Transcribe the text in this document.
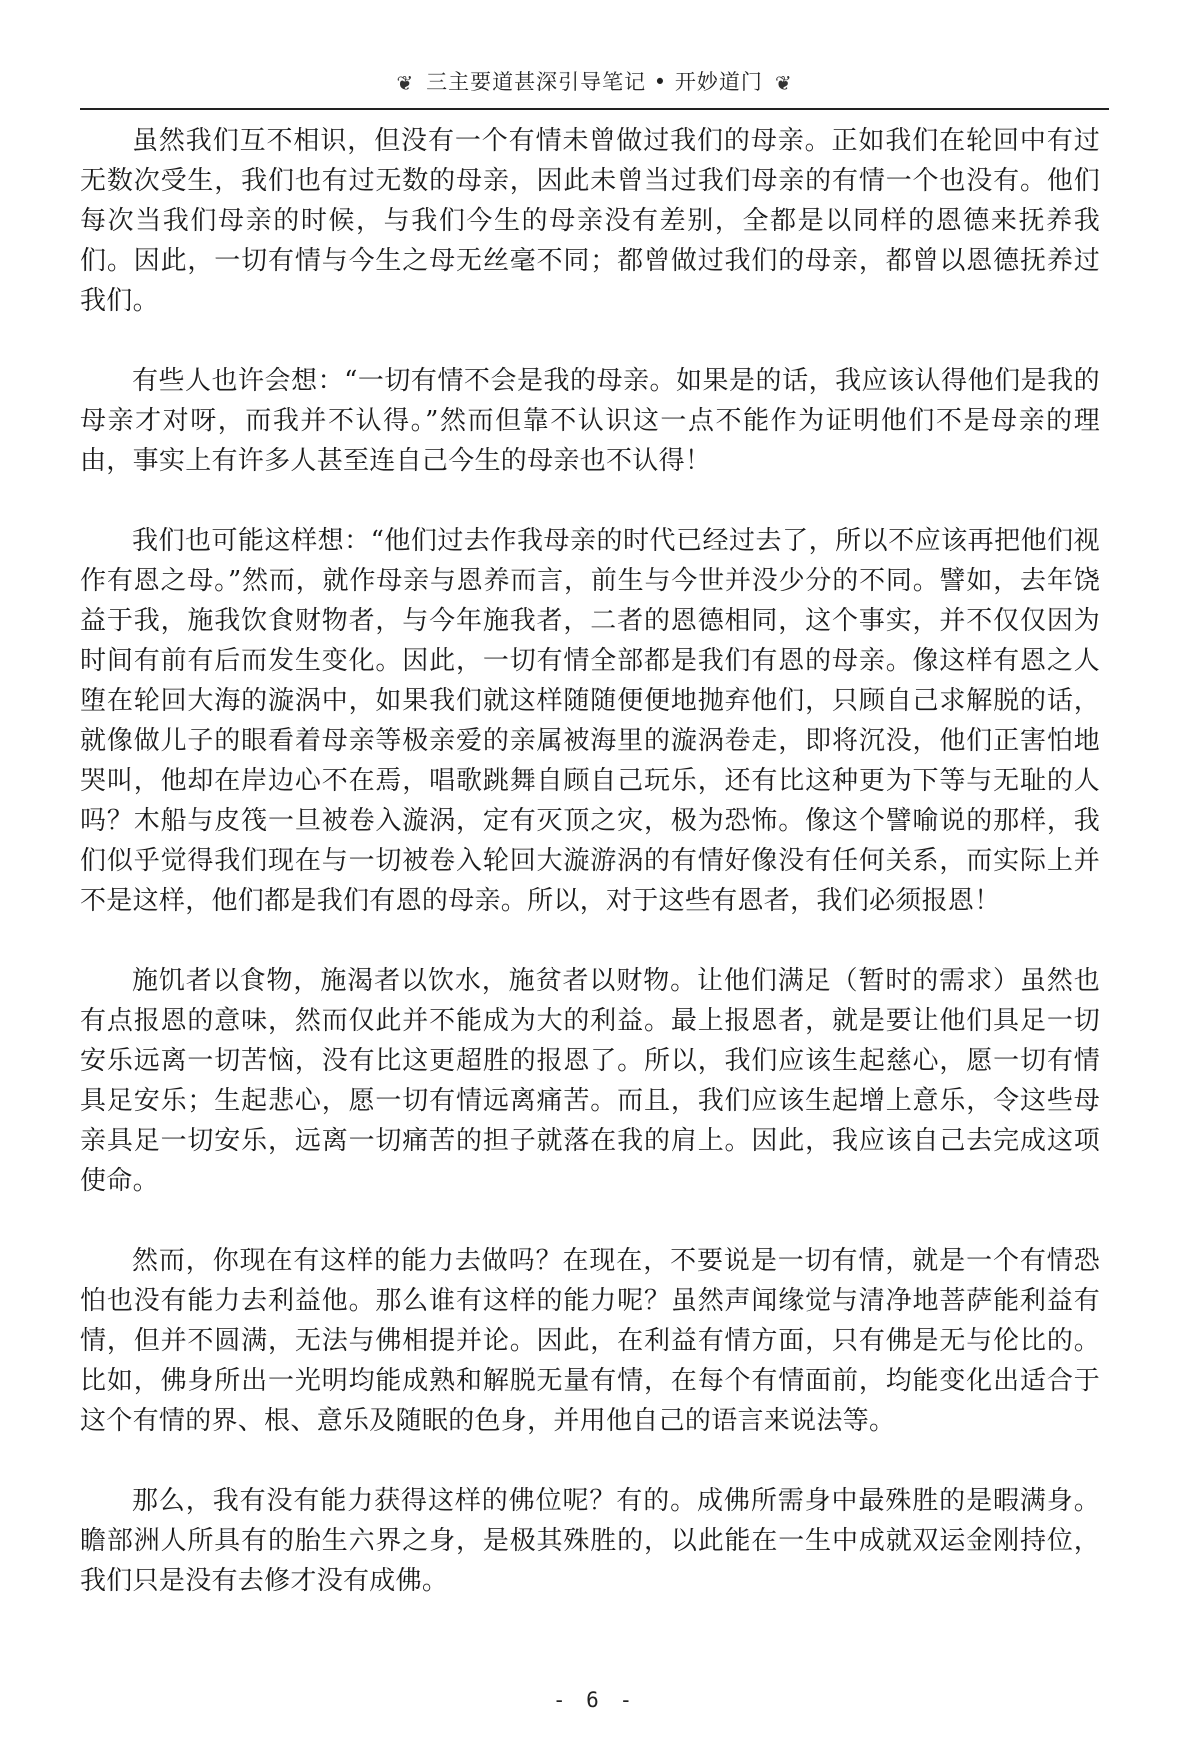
❦ 三主要道甚深引导笔记 • 开妙道门 ❦

虽然我们互不相识，但没有一个有情未曾做过我们的母亲。正如我们在轮回中有过无数次受生，我们也有过无数的母亲，因此未曾当过我们母亲的有情一个也没有。他们每次当我们母亲的时候，与我们今生的母亲没有差别，全都是以同样的恩德来抚养我们。因此，一切有情与今生之母无丝毫不同；都曾做过我们的母亲，都曾以恩德抚养过我们。

有些人也许会想：“一切有情不会是我的母亲。如果是的话，我应该认得他们是我的母亲才对呀，而我并不认得。”然而但靠不认识这一点不能作为证明他们不是母亲的理由，事实上有许多人甚至连自己今生的母亲也不认得！

我们也可能这样想：“他们过去作我母亲的时代已经过去了，所以不应该再把他们视作有恩之母。”然而，就作母亲与恩养而言，前生与今世并没少分的不同。譬如，去年饶益于我，施我饮食财物者，与今年施我者，二者的恩德相同，这个事实，并不仅仅因为时间有前有后而发生变化。因此，一切有情全部都是我们有恩的母亲。像这样有恩之人堕在轮回大海的漩涡中，如果我们就这样随随便便地抛弃他们，只顾自己求解脱的话，就像做儿子的眼看着母亲等极亲爱的亲属被海里的漩涡卷走，即将沉没，他们正害怕地哭叫，他却在岸边心不在焉，唱歌跳舞自顾自己玩乐，还有比这种更为下等与无耻的人吗？木船与皮筏一旦被卷入漩涡，定有灭顶之灾，极为恐怖。像这个譬喻说的那样，我们似乎觉得我们现在与一切被卷入轮回大漩游涡的有情好像没有任何关系，而实际上并不是这样，他们都是我们有恩的母亲。所以，对于这些有恩者，我们必须报恩！

施饥者以食物，施渴者以饮水，施贫者以财物。让他们满足（暂时的需求）虽然也有点报恩的意味，然而仅此并不能成为大的利益。最上报恩者，就是要让他们具足一切安乐远离一切苦恼，没有比这更超胜的报恩了。所以，我们应该生起慈心，愿一切有情具足安乐；生起悲心，愿一切有情远离痛苦。而且，我们应该生起增上意乐，令这些母亲具足一切安乐，远离一切痛苦的担子就落在我的肩上。因此，我应该自己去完成这项使命。

然而，你现在有这样的能力去做吗？在现在，不要说是一切有情，就是一个有情恐怕也没有能力去利益他。那么谁有这样的能力呢？虽然声闻缘觉与清净地菩萨能利益有情，但并不圆满，无法与佛相提并论。因此，在利益有情方面，只有佛是无与伦比的。比如，佛身所出一光明均能成熟和解脱无量有情，在每个有情面前，均能变化出适合于这个有情的界、根、意乐及随眠的色身，并用他自己的语言来说法等。

那么，我有没有能力获得这样的佛位呢？有的。成佛所需身中最殊胜的是暇满身。瞻部洲人所具有的胎生六界之身，是极其殊胜的，以此能在一生中成就双运金刚持位，我们只是没有去修才没有成佛。

- 6 -
